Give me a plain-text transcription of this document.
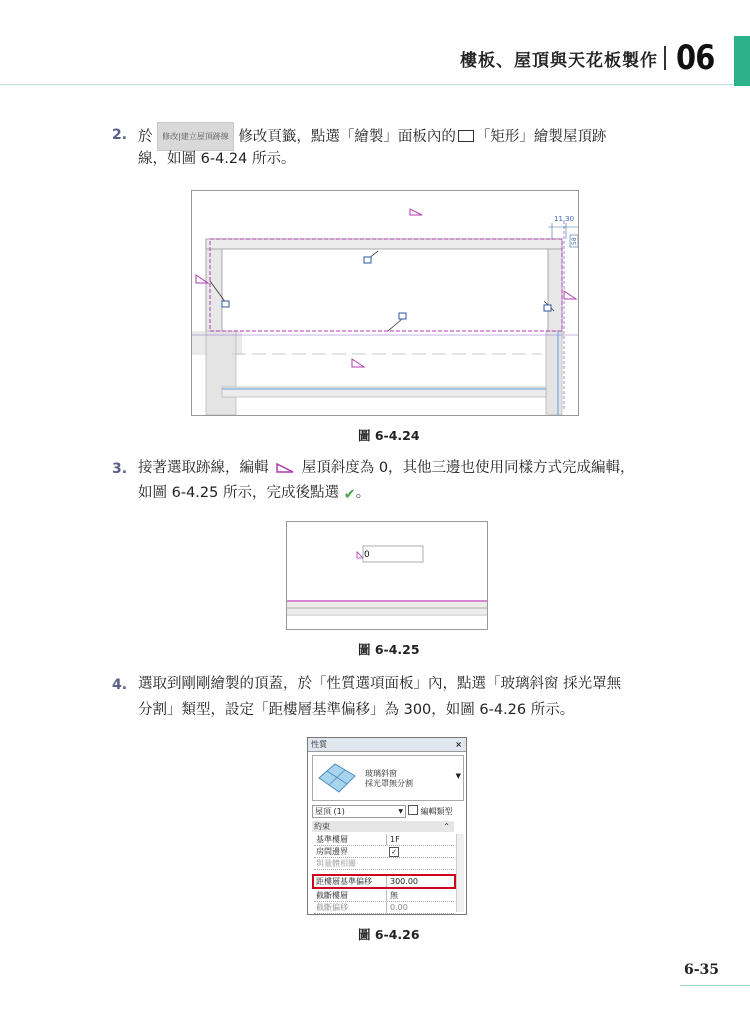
樓板、屋頂與天花板製作 06
2. 於 修改|建立屋頂跡線 修改頁籤，點選「繪製」面板內的 「矩形」繪製屋頂跡
線，如圖 6-4.24 所示。
11.30
58
圖 6-4.24
3. 接著選取跡線，編輯 屋頂斜度為 0，其他三邊也使用同樣方式完成編輯，
如圖 6-4.25 所示，完成後點選 ✔。
0
圖 6-4.25
4. 選取到剛剛繪製的頂蓋，於「性質選項面板」內，點選「玻璃斜窗 採光罩無
分割」類型，設定「距樓層基準偏移」為 300，如圖 6-4.26 所示。
性質	×
玻璃斜窗
採光罩無分割
▼
屋頂 (1)	▼	編輯類型
約束	⌃
基準樓層	1F
房間邊界	✓
與量體相關
距樓層基準偏移	300.00
截斷樓層	無
截斷偏移	0.00
圖 6-4.26
6-35
